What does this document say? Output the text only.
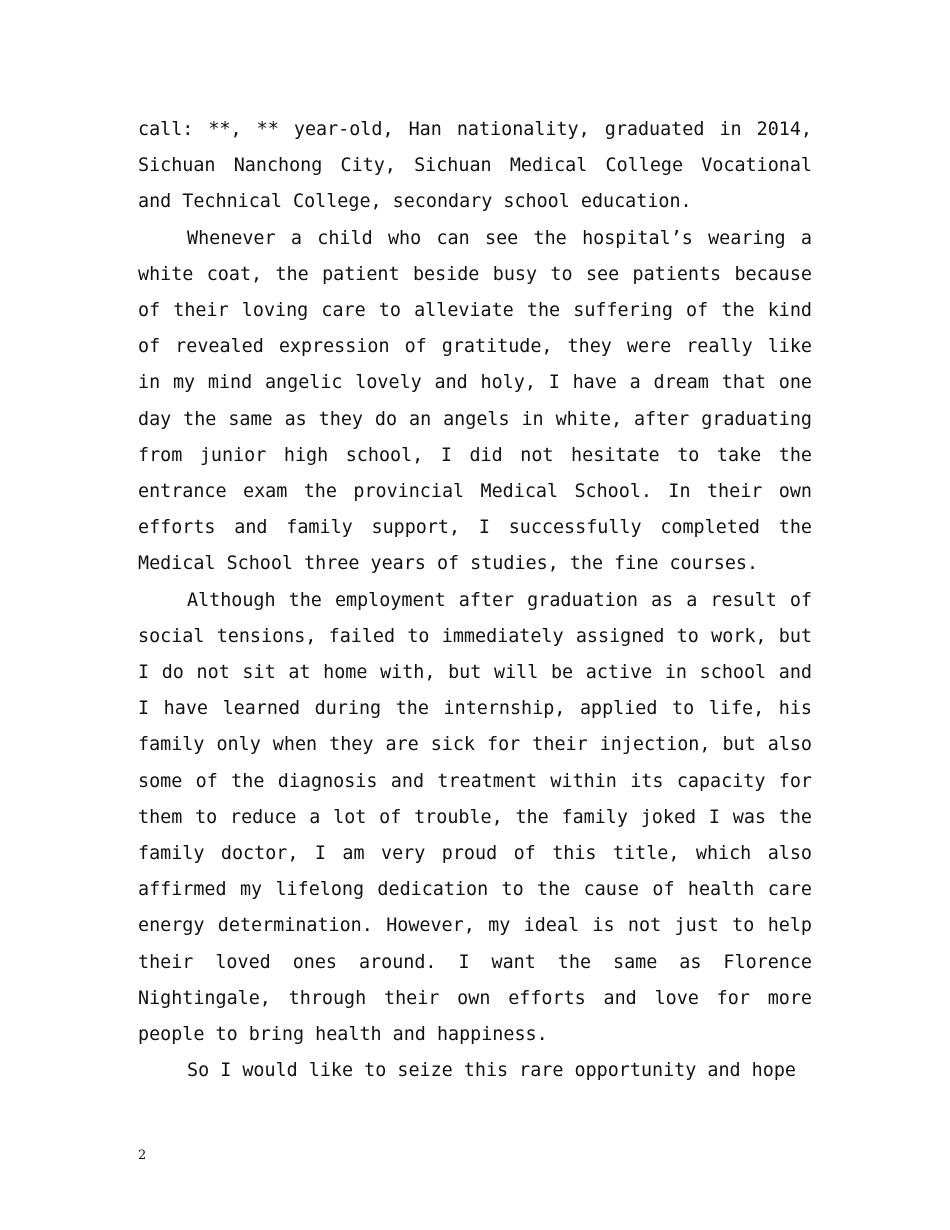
call: **, ** year-old, Han nationality, graduated in 2014, Sichuan Nanchong City, Sichuan Medical College Vocational and Technical College, secondary school education.

Whenever a child who can see the hospital’s wearing a white coat, the patient beside busy to see patients because of their loving care to alleviate the suffering of the kind of revealed expression of gratitude, they were really like in my mind angelic lovely and holy, I have a dream that one day the same as they do an angels in white, after graduating from junior high school, I did not hesitate to take the entrance exam the provincial Medical School. In their own efforts and family support, I successfully completed the Medical School three years of studies, the fine courses.

Although the employment after graduation as a result of social tensions, failed to immediately assigned to work, but I do not sit at home with, but will be active in school and I have learned during the internship, applied to life, his family only when they are sick for their injection, but also some of the diagnosis and treatment within its capacity for them to reduce a lot of trouble, the family joked I was the family doctor, I am very proud of this title, which also affirmed my lifelong dedication to the cause of health care energy determination. However, my ideal is not just to help their loved ones around. I want the same as Florence Nightingale, through their own efforts and love for more people to bring health and happiness.

So I would like to seize this rare opportunity and hope

2
